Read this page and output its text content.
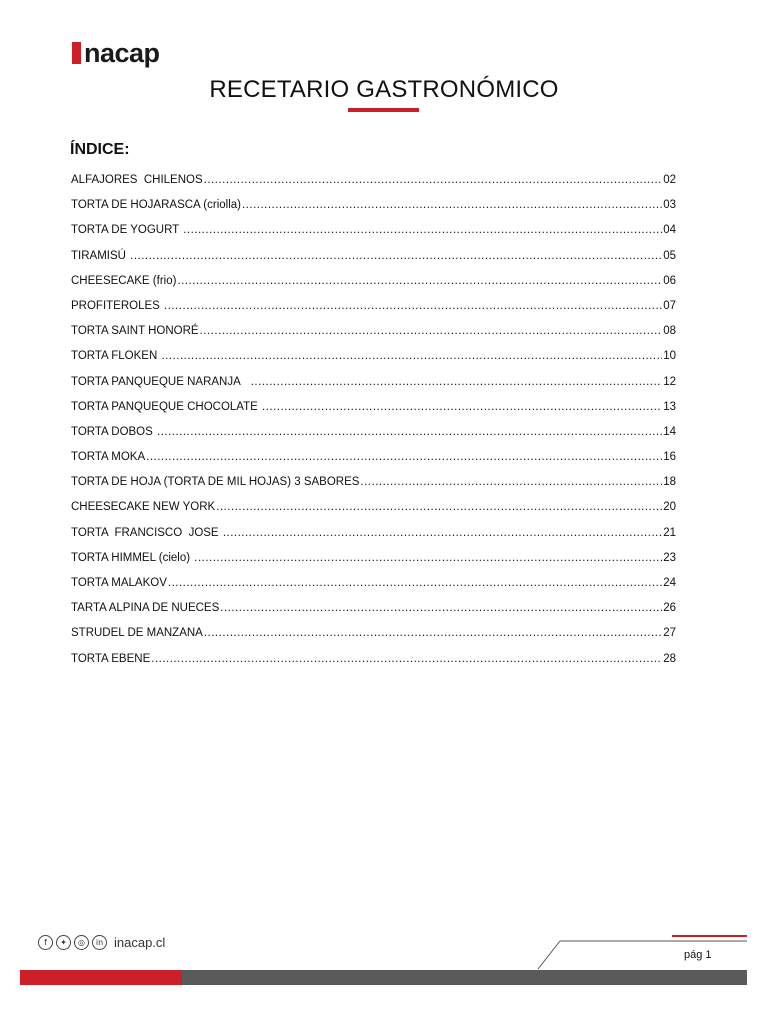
nacap
RECETARIO GASTRONÓMICO
ÍNDICE:
ALFAJORES  CHILENOS .....	02
TORTA DE HOJARASCA (criolla) .....	03
TORTA DE YOGURT .....	04
TIRAMISÚ .....	05
CHEESECAKE (frio) .....	06
PROFITEROLES .....	07
TORTA SAINT HONORÉ .....	08
TORTA FLOKEN .....	10
TORTA PANQUEQUE NARANJA .....	12
TORTA PANQUEQUE CHOCOLATE .....	13
TORTA DOBOS .....	14
TORTA MOKA .....	16
TORTA DE HOJA (TORTA DE MIL HOJAS) 3 SABORES .....	18
CHEESECAKE NEW YORK .....	20
TORTA  FRANCISCO  JOSE .....	21
TORTA HIMMEL (cielo) .....	23
TORTA MALAKOV .....	24
TARTA ALPINA DE NUECES .....	26
STRUDEL DE MANZANA .....	27
TORTA EBENE .....	28
f	✦	◎	in inacap.cl
pág 1
